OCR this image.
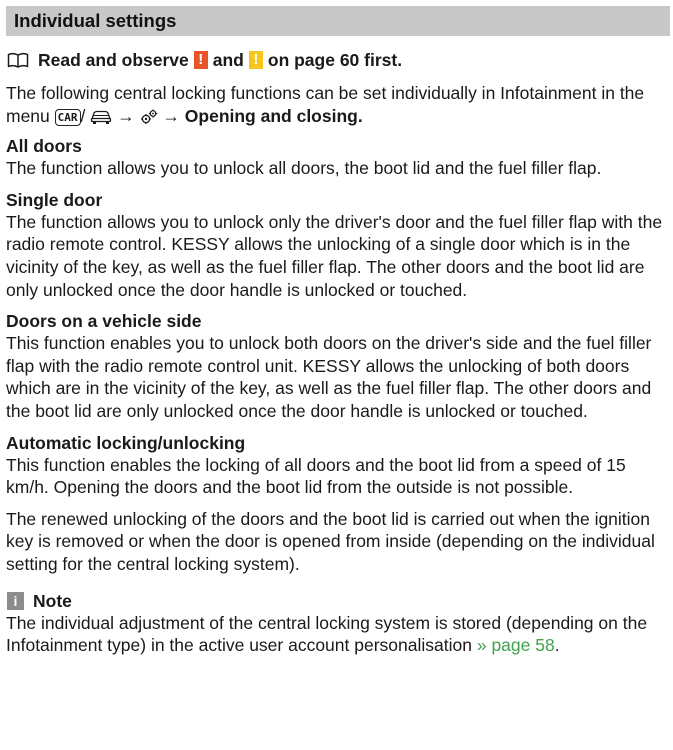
Individual settings
Read and observe ! and ! on page 60 first.
The following central locking functions can be set individually in Infotainment in the menu CAR / → → Opening and closing.
All doors
The function allows you to unlock all doors, the boot lid and the fuel filler flap.
Single door
The function allows you to unlock only the driver's door and the fuel filler flap with the radio remote control. KESSY allows the unlocking of a single door which is in the vicinity of the key, as well as the fuel filler flap. The other doors and the boot lid are only unlocked once the door handle is unlocked or touched.
Doors on a vehicle side
This function enables you to unlock both doors on the driver's side and the fuel filler flap with the radio remote control unit. KESSY allows the unlocking of both doors which are in the vicinity of the key, as well as the fuel filler flap. The other doors and the boot lid are only unlocked once the door handle is unlocked or touched.
Automatic locking/unlocking
This function enables the locking of all doors and the boot lid from a speed of 15 km/h. Opening the doors and the boot lid from the outside is not possible.
The renewed unlocking of the doors and the boot lid is carried out when the ignition key is removed or when the door is opened from inside (depending on the individual setting for the central locking system).
i Note
The individual adjustment of the central locking system is stored (depending on the Infotainment type) in the active user account personalisation » page 58.
